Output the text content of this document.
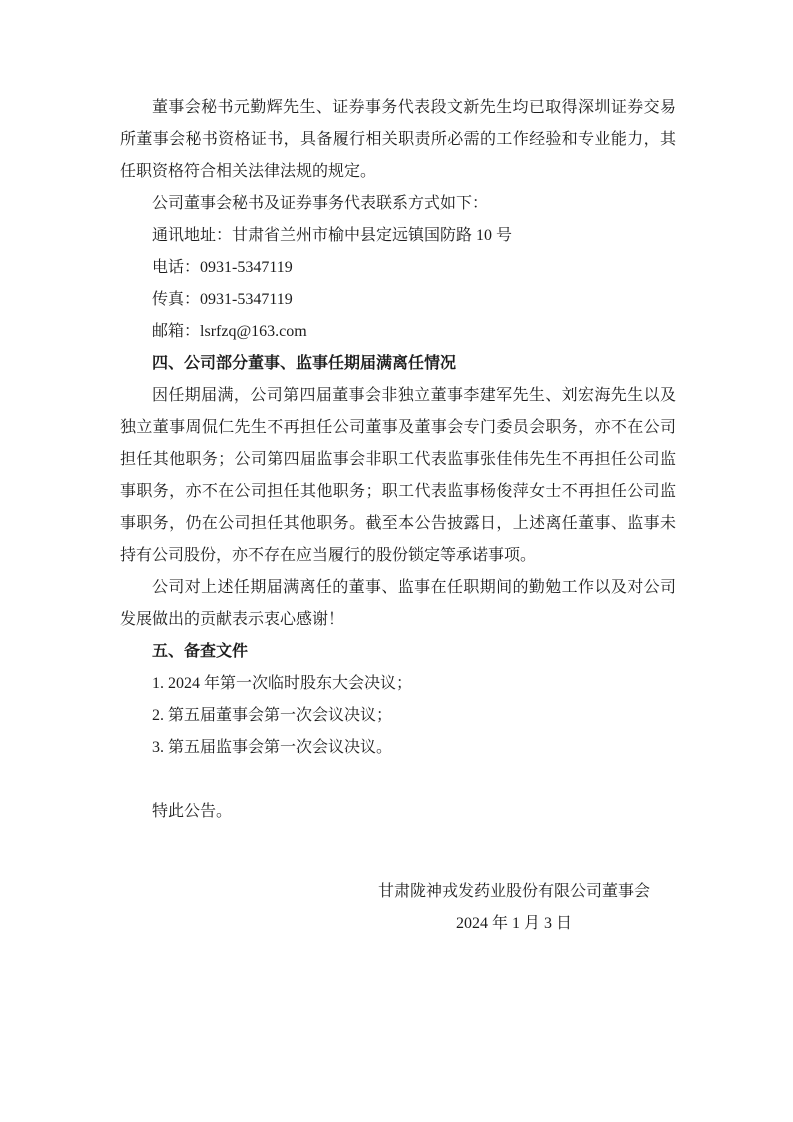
董事会秘书元勤辉先生、证券事务代表段文新先生均已取得深圳证券交易所董事会秘书资格证书，具备履行相关职责所必需的工作经验和专业能力，其任职资格符合相关法律法规的规定。

公司董事会秘书及证券事务代表联系方式如下：

通讯地址：甘肃省兰州市榆中县定远镇国防路 10 号

电话：0931-5347119

传真：0931-5347119

邮箱：lsrfzq@163.com

四、公司部分董事、监事任期届满离任情况

因任期届满，公司第四届董事会非独立董事李建军先生、刘宏海先生以及独立董事周侃仁先生不再担任公司董事及董事会专门委员会职务，亦不在公司担任其他职务；公司第四届监事会非职工代表监事张佳伟先生不再担任公司监事职务，亦不在公司担任其他职务；职工代表监事杨俊萍女士不再担任公司监事职务，仍在公司担任其他职务。截至本公告披露日，上述离任董事、监事未持有公司股份，亦不存在应当履行的股份锁定等承诺事项。

公司对上述任期届满离任的董事、监事在任职期间的勤勉工作以及对公司发展做出的贡献表示衷心感谢！

五、备查文件

1. 2024 年第一次临时股东大会决议；

2. 第五届董事会第一次会议决议；

3. 第五届监事会第一次会议决议。

特此公告。

甘肃陇神戎发药业股份有限公司董事会

2024 年 1 月 3 日
